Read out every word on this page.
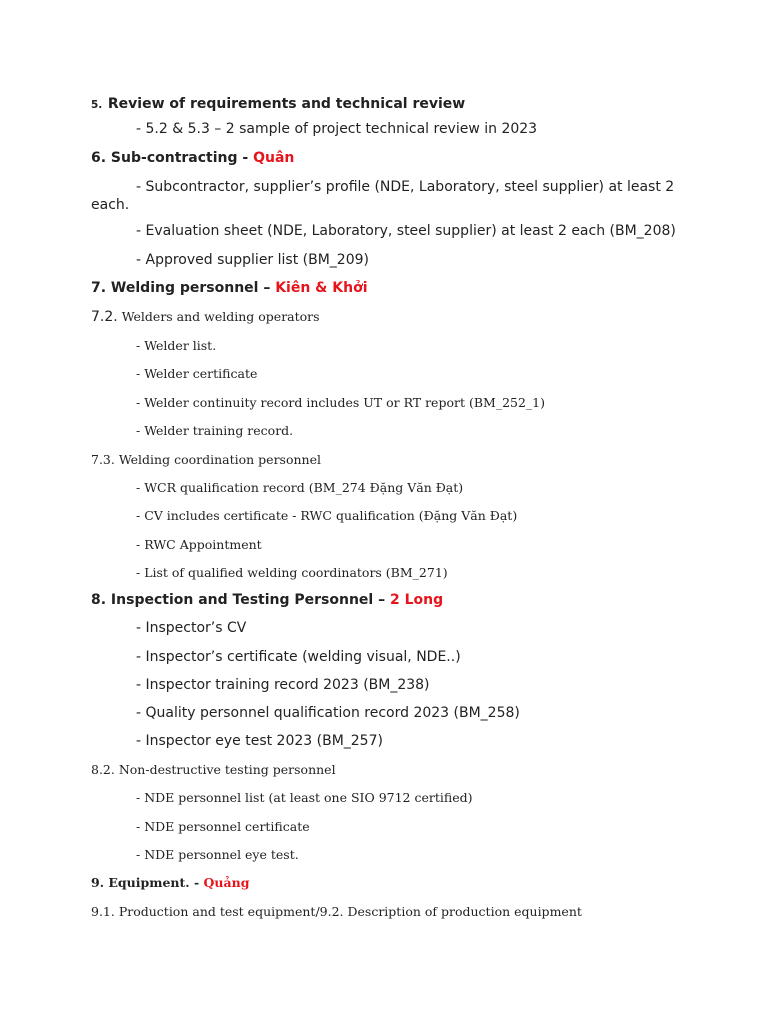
5. Review of requirements and technical review
- 5.2 & 5.3 – 2 sample of project technical review in 2023
6. Sub-contracting - Quân
- Subcontractor, supplier’s profile (NDE, Laboratory, steel supplier) at least 2 each.
- Evaluation sheet (NDE, Laboratory, steel supplier) at least 2 each (BM_208)
- Approved supplier list (BM_209)
7. Welding personnel – Kiên & Khởi
7.2. Welders and welding operators
- Welder list.
- Welder certificate
- Welder continuity record includes UT or RT report (BM_252_1)
- Welder training record.
7.3. Welding coordination personnel
- WCR qualification record (BM_274 Đặng Văn Đạt)
- CV includes certificate - RWC qualification (Đặng Văn Đạt)
- RWC Appointment
- List of qualified welding coordinators (BM_271)
8. Inspection and Testing Personnel – 2 Long
- Inspector’s CV
- Inspector’s certificate (welding visual, NDE..)
- Inspector training record 2023 (BM_238)
- Quality personnel qualification record 2023 (BM_258)
- Inspector eye test 2023 (BM_257)
8.2. Non-destructive testing personnel
- NDE personnel list (at least one SIO 9712 certified)
- NDE personnel certificate
- NDE personnel eye test.
9. Equipment. - Quảng
9.1. Production and test equipment/9.2. Description of production equipment
